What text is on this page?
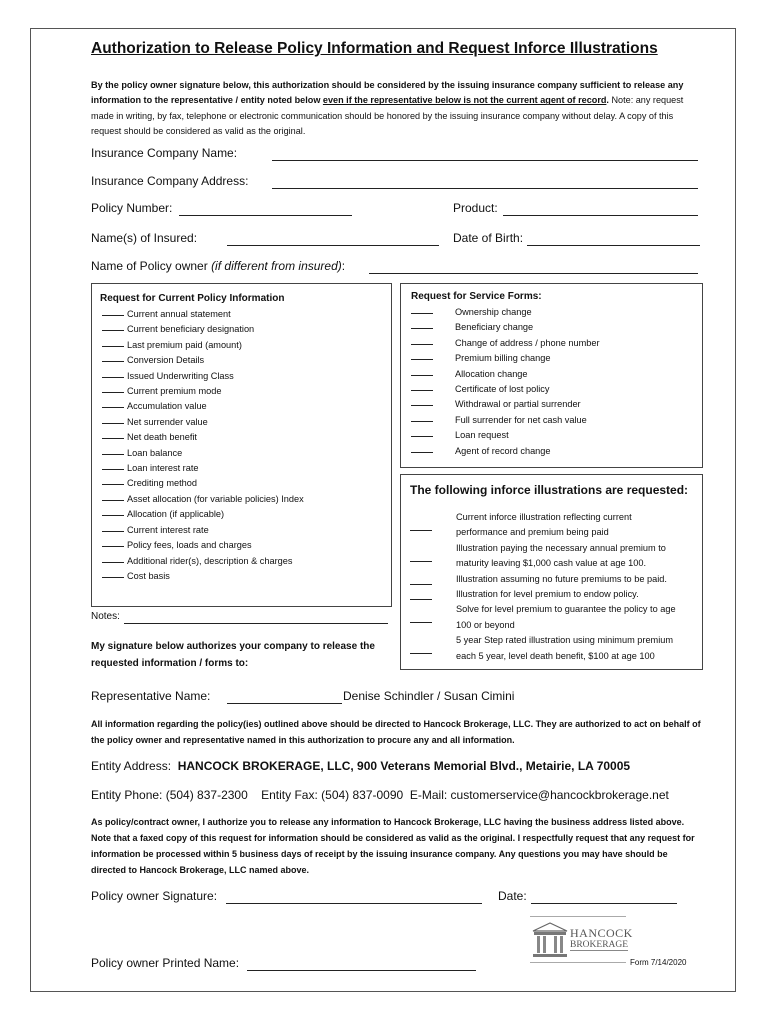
Authorization to Release Policy Information and Request Inforce Illustrations
By the policy owner signature below, this authorization should be considered by the issuing insurance company sufficient to release any information to the representative / entity noted below even if the representative below is not the current agent of record. Note: any request made in writing, by fax, telephone or electronic communication should be honored by the issuing insurance company without delay. A copy of this request should be considered as valid as the original.
Insurance Company Name:
Insurance Company Address:
Policy Number:	Product:
Name(s) of Insured:	Date of Birth:
Name of Policy owner (if different from insured):
Request for Current Policy Information
Current annual statement
Current beneficiary designation
Last premium paid (amount)
Conversion Details
Issued Underwriting Class
Current premium mode
Accumulation value
Net surrender value
Net death benefit
Loan balance
Loan interest rate
Crediting method
Asset allocation (for variable policies) Index
Allocation (if applicable)
Current interest rate
Policy fees, loads and charges
Additional rider(s), description & charges
Cost basis
Notes:
My signature below authorizes your company to release the requested information / forms to:
Request for Service Forms:
Ownership change
Beneficiary change
Change of address / phone number
Premium billing change
Allocation change
Certificate of lost policy
Withdrawal or partial surrender
Full surrender for net cash value
Loan request
Agent of record change
The following inforce illustrations are requested:
Current inforce illustration reflecting current
performance and premium being paid
Illustration paying the necessary annual premium to
maturity leaving $1,000 cash value at age 100.
Illustration assuming no future premiums to be paid.
Illustration for level premium to endow policy.
Solve for level premium to guarantee the policy to age
100 or beyond
5 year Step rated illustration using minimum premium
each 5 year, level death benefit, $100 at age 100
Representative Name:	Denise Schindler / Susan Cimini
All information regarding the policy(ies) outlined above should be directed to Hancock Brokerage, LLC. They are authorized to act on behalf of the policy owner and representative named in this authorization to procure any and all information.
Entity Address: HANCOCK BROKERAGE, LLC, 900 Veterans Memorial Blvd., Metairie, LA 70005
Entity Phone: (504) 837-2300 Entity Fax: (504) 837-0090 E-Mail: customerservice@hancockbrokerage.net
As policy/contract owner, I authorize you to release any information to Hancock Brokerage, LLC having the business address listed above. Note that a faxed copy of this request for information should be considered as valid as the original. I respectfully request that any request for information be processed within 5 business days of receipt by the issuing insurance company. Any questions you may have should be directed to Hancock Brokerage, LLC named above.
Policy owner Signature:	Date:
Policy owner Printed Name:
HANCOCK
BROKERAGE
Form 7/14/2020
